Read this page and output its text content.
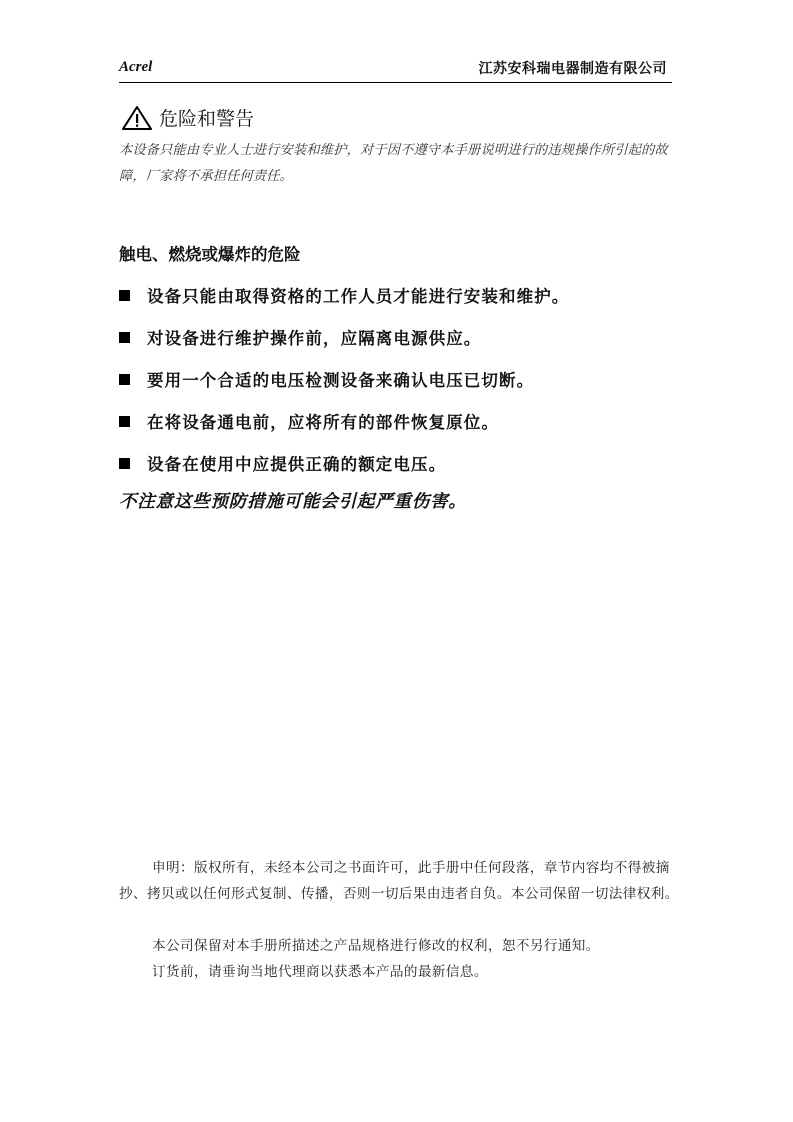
Acrel	江苏安科瑞电器制造有限公司
危险和警告
本设备只能由专业人士进行安装和维护，对于因不遵守本手册说明进行的违规操作所引起的故障，厂家将不承担任何责任。
触电、燃烧或爆炸的危险
设备只能由取得资格的工作人员才能进行安装和维护。
对设备进行维护操作前，应隔离电源供应。
要用一个合适的电压检测设备来确认电压已切断。
在将设备通电前，应将所有的部件恢复原位。
设备在使用中应提供正确的额定电压。
不注意这些预防措施可能会引起严重伤害。
申明：版权所有，未经本公司之书面许可，此手册中任何段落，章节内容均不得被摘抄、拷贝或以任何形式复制、传播，否则一切后果由违者自负。本公司保留一切法律权利。
本公司保留对本手册所描述之产品规格进行修改的权利，恕不另行通知。
订货前，请垂询当地代理商以获悉本产品的最新信息。
